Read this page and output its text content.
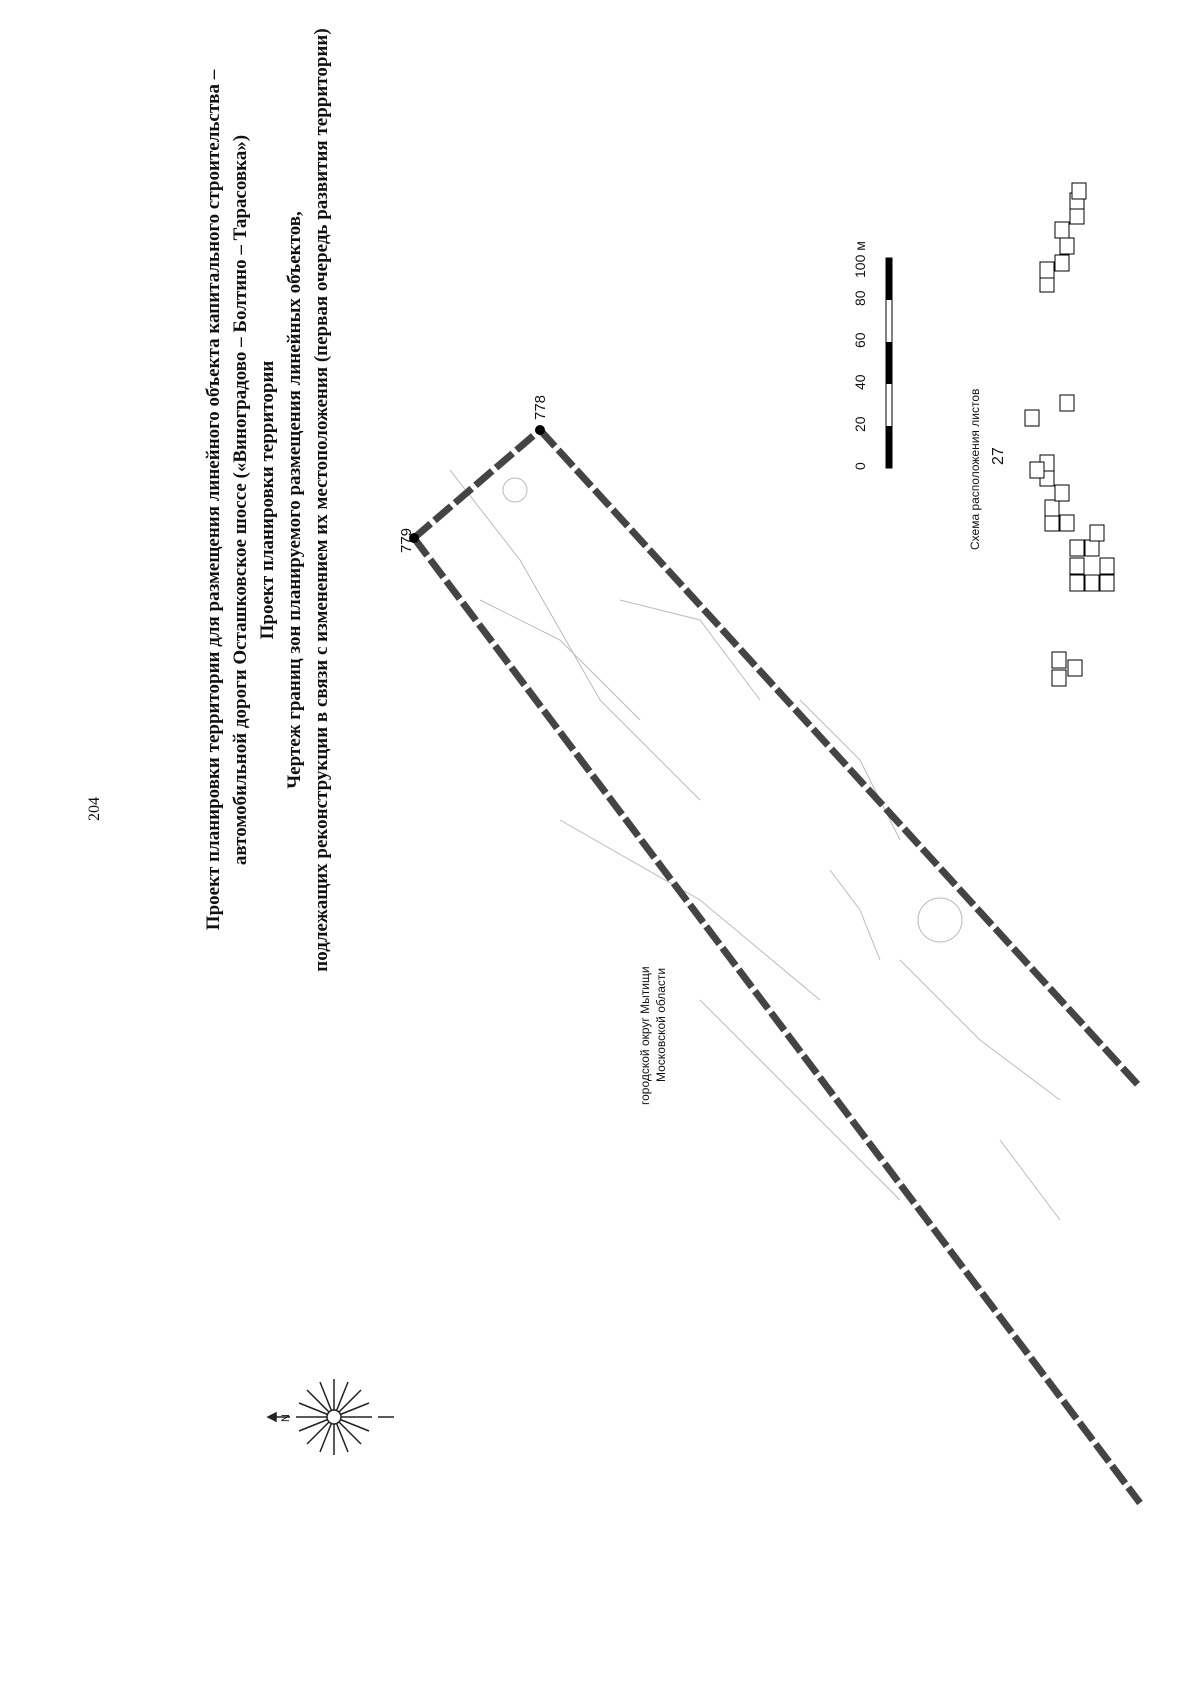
204	Проект планировки территории для размещения линейного объекта капитального строительства – автомобильной дороги Осташковское шоссе («Виноградово – Болтино – Тарасовка») Проект планировки территории Чертеж границ зон планируемого размещения линейных объектов, подлежащих реконструкции в связи с изменением их местоположения (первая очередь развития территории)	779
778
городской округ Мытищи Московской области
N
0
20
40
60
80
100 м
Схема расположения листов 27
